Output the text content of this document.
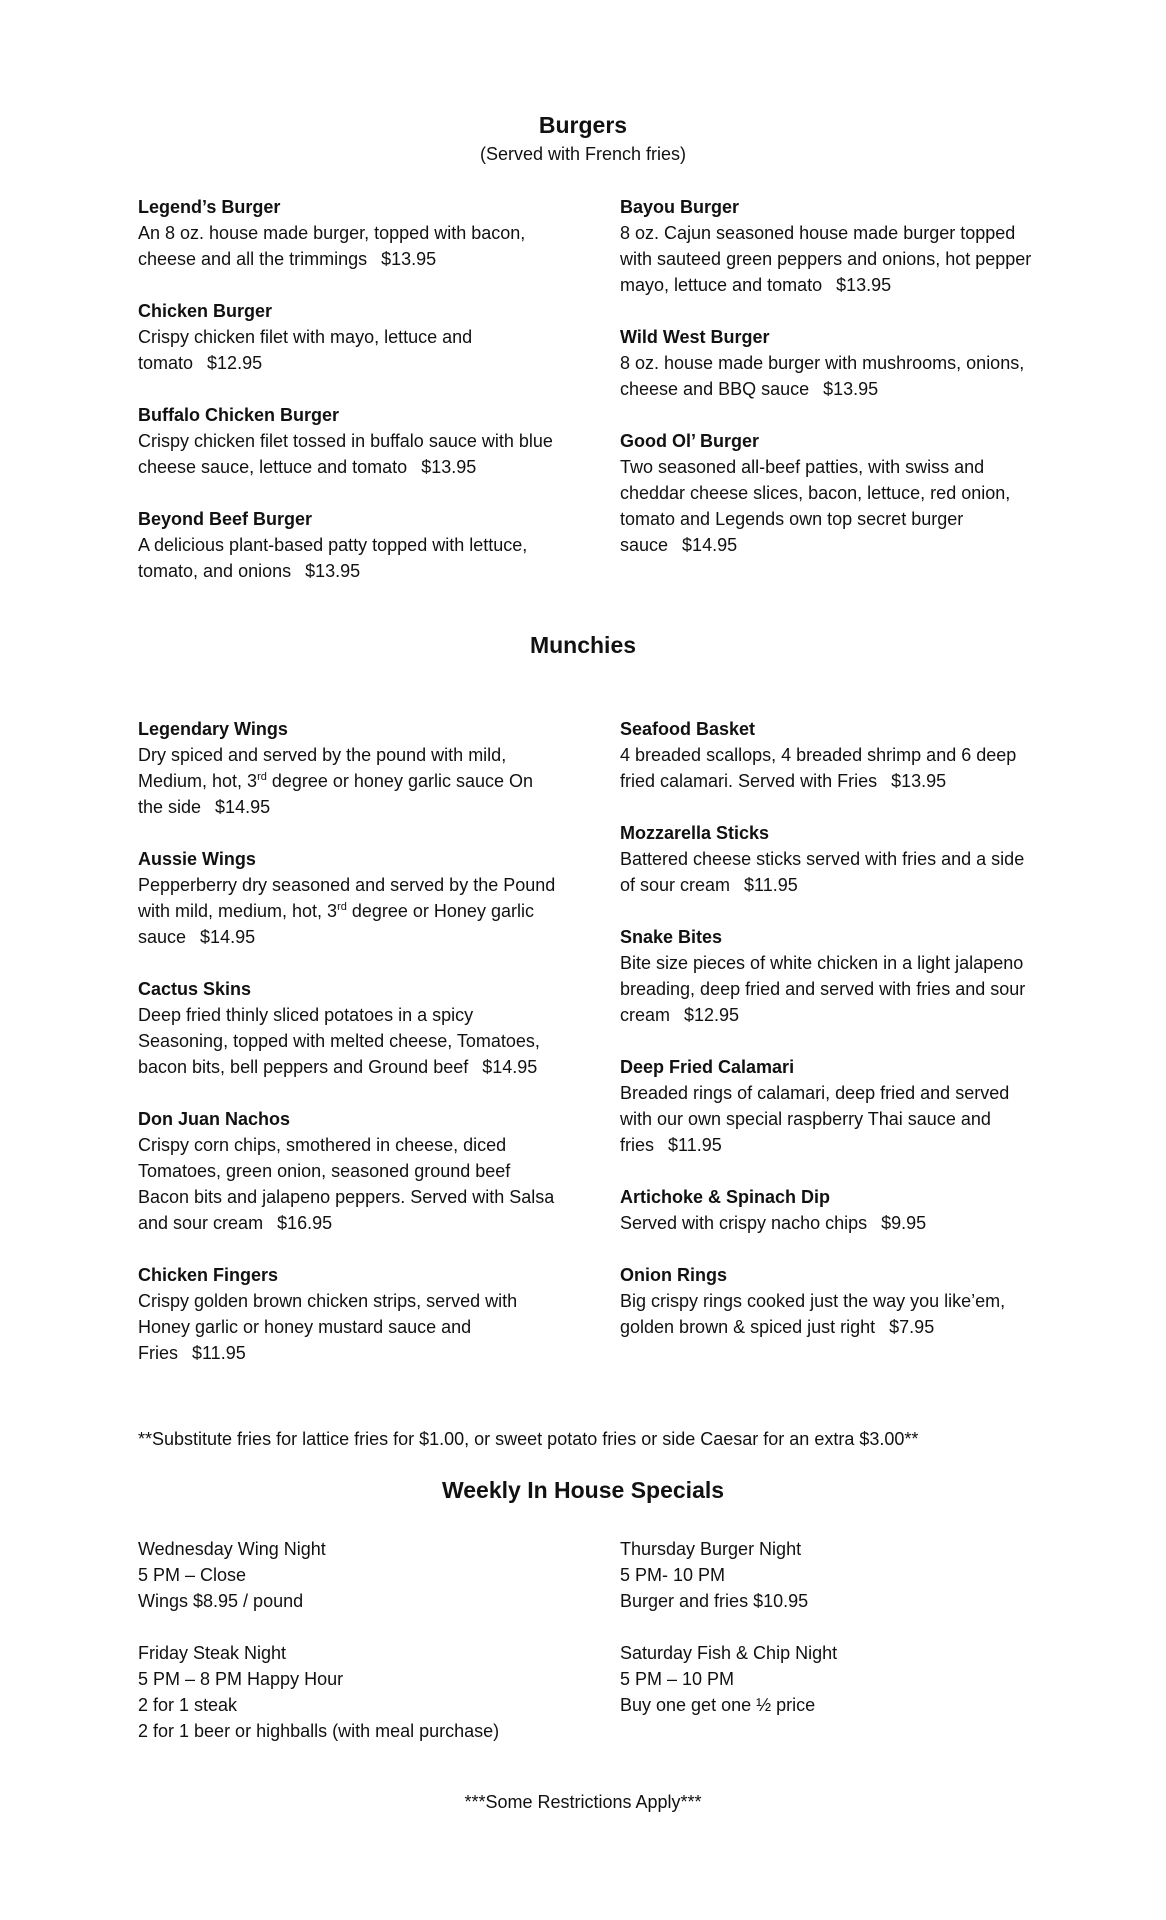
Burgers
(Served with French fries)
Legend’s Burger
An 8 oz. house made burger, topped with bacon, cheese and all the trimmings $13.95
Chicken Burger
Crispy chicken filet with mayo, lettuce and tomato $12.95
Buffalo Chicken Burger
Crispy chicken filet tossed in buffalo sauce with blue cheese sauce, lettuce and tomato $13.95
Beyond Beef Burger
A delicious plant-based patty topped with lettuce, tomato, and onions $13.95
Bayou Burger
8 oz. Cajun seasoned house made burger topped with sauteed green peppers and onions, hot pepper mayo, lettuce and tomato $13.95
Wild West Burger
8 oz. house made burger with mushrooms, onions, cheese and BBQ sauce $13.95
Good Ol’ Burger
Two seasoned all-beef patties, with swiss and cheddar cheese slices, bacon, lettuce, red onion, tomato and Legends own top secret burger sauce $14.95
Munchies
Legendary Wings
Dry spiced and served by the pound with mild, Medium, hot, 3rd degree or honey garlic sauce On the side $14.95
Aussie Wings
Pepperberry dry seasoned and served by the Pound with mild, medium, hot, 3rd degree or Honey garlic sauce $14.95
Cactus Skins
Deep fried thinly sliced potatoes in a spicy Seasoning, topped with melted cheese, Tomatoes, bacon bits, bell peppers and Ground beef $14.95
Don Juan Nachos
Crispy corn chips, smothered in cheese, diced Tomatoes, green onion, seasoned ground beef Bacon bits and jalapeno peppers. Served with Salsa and sour cream $16.95
Chicken Fingers
Crispy golden brown chicken strips, served with Honey garlic or honey mustard sauce and Fries $11.95
Seafood Basket
4 breaded scallops, 4 breaded shrimp and 6 deep fried calamari. Served with Fries $13.95
Mozzarella Sticks
Battered cheese sticks served with fries and a side of sour cream $11.95
Snake Bites
Bite size pieces of white chicken in a light jalapeno breading, deep fried and served with fries and sour cream $12.95
Deep Fried Calamari
Breaded rings of calamari, deep fried and served with our own special raspberry Thai sauce and fries $11.95
Artichoke & Spinach Dip
Served with crispy nacho chips $9.95
Onion Rings
Big crispy rings cooked just the way you like’em, golden brown & spiced just right $7.95
**Substitute fries for lattice fries for $1.00, or sweet potato fries or side Caesar for an extra $3.00**
Weekly In House Specials
Wednesday Wing Night
5 PM – Close
Wings $8.95 / pound
Friday Steak Night
5 PM – 8 PM Happy Hour
2 for 1 steak
2 for 1 beer or highballs (with meal purchase)
Thursday Burger Night
5 PM- 10 PM
Burger and fries $10.95
Saturday Fish & Chip Night
5 PM – 10 PM
Buy one get one ½ price
***Some Restrictions Apply***
